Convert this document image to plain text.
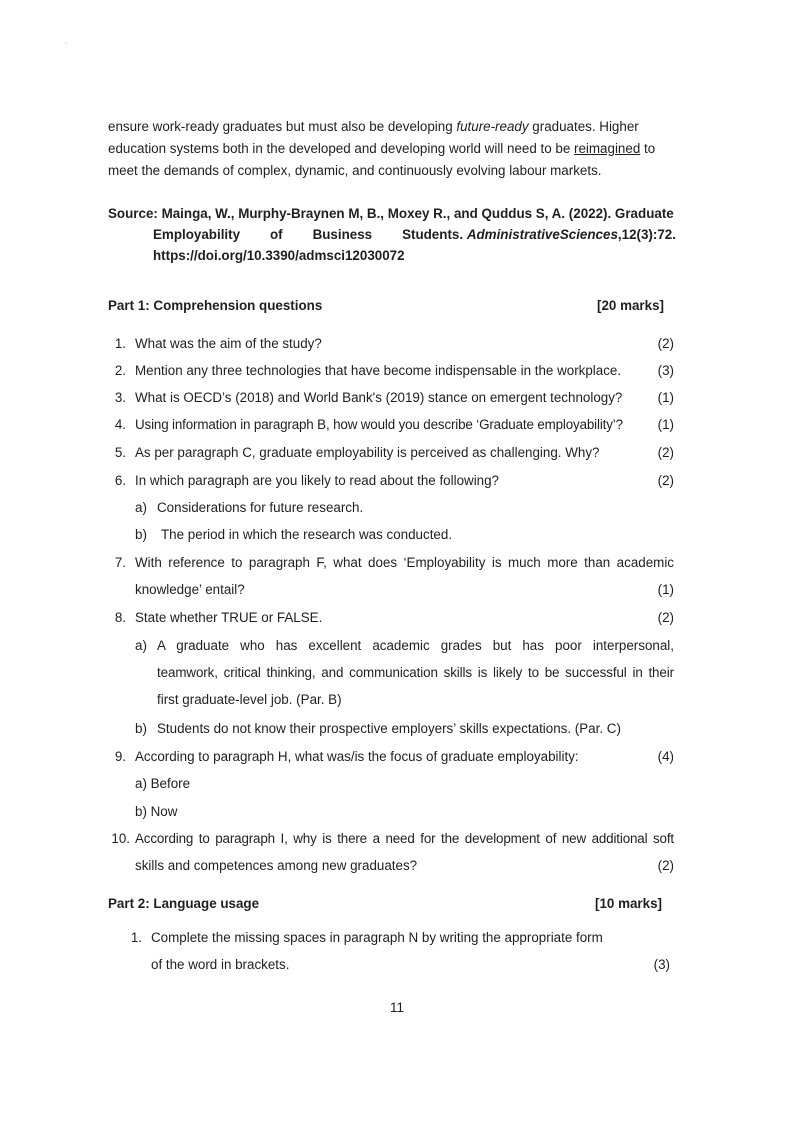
·,

ensure work-ready graduates but must also be developing future-ready graduates. Higher education systems both in the developed and developing world will need to be reimagined to meet the demands of complex, dynamic, and continuously evolving labour markets.

Source: Mainga, W., Murphy-Braynen M, B., Moxey R., and Quddus S, A. (2022). Graduate
Employability of Business Students. AdministrativeSciences,12(3):72.
https://doi.org/10.3390/admsci12030072
Part 1: Comprehension questions	[20 marks]
1. What was the aim of the study?	(2)
2. Mention any three technologies that have become indispensable in the workplace.	(3)
3. What is OECD’s (2018) and World Bank's (2019) stance on emergent technology?	(1)
4. Using information in paragraph B, how would you describe ‘Graduate employability’?	(1)
5. As per paragraph C, graduate employability is perceived as challenging. Why?	(2)
6. In which paragraph are you likely to read about the following?	(2)
a) Considerations for future research.
b) The period in which the research was conducted.
7. With reference to paragraph F, what does ‘Employability is much more than academic
knowledge’ entail?	(1)
8. State whether TRUE or FALSE.	(2)
a) A graduate who has excellent academic grades but has poor interpersonal,
teamwork, critical thinking, and communication skills is likely to be successful in their
first graduate-level job. (Par. B)
b) Students do not know their prospective employers’ skills expectations. (Par. C)
9. According to paragraph H, what was/is the focus of graduate employability:	(4)
a) Before
b) Now
10. According to paragraph I, why is there a need for the development of new additional soft
skills and competences among new graduates?	(2)
Part 2: Language usage	[10 marks]
1. Complete the missing spaces in paragraph N by writing the appropriate form
of the word in brackets.	(3)
11
